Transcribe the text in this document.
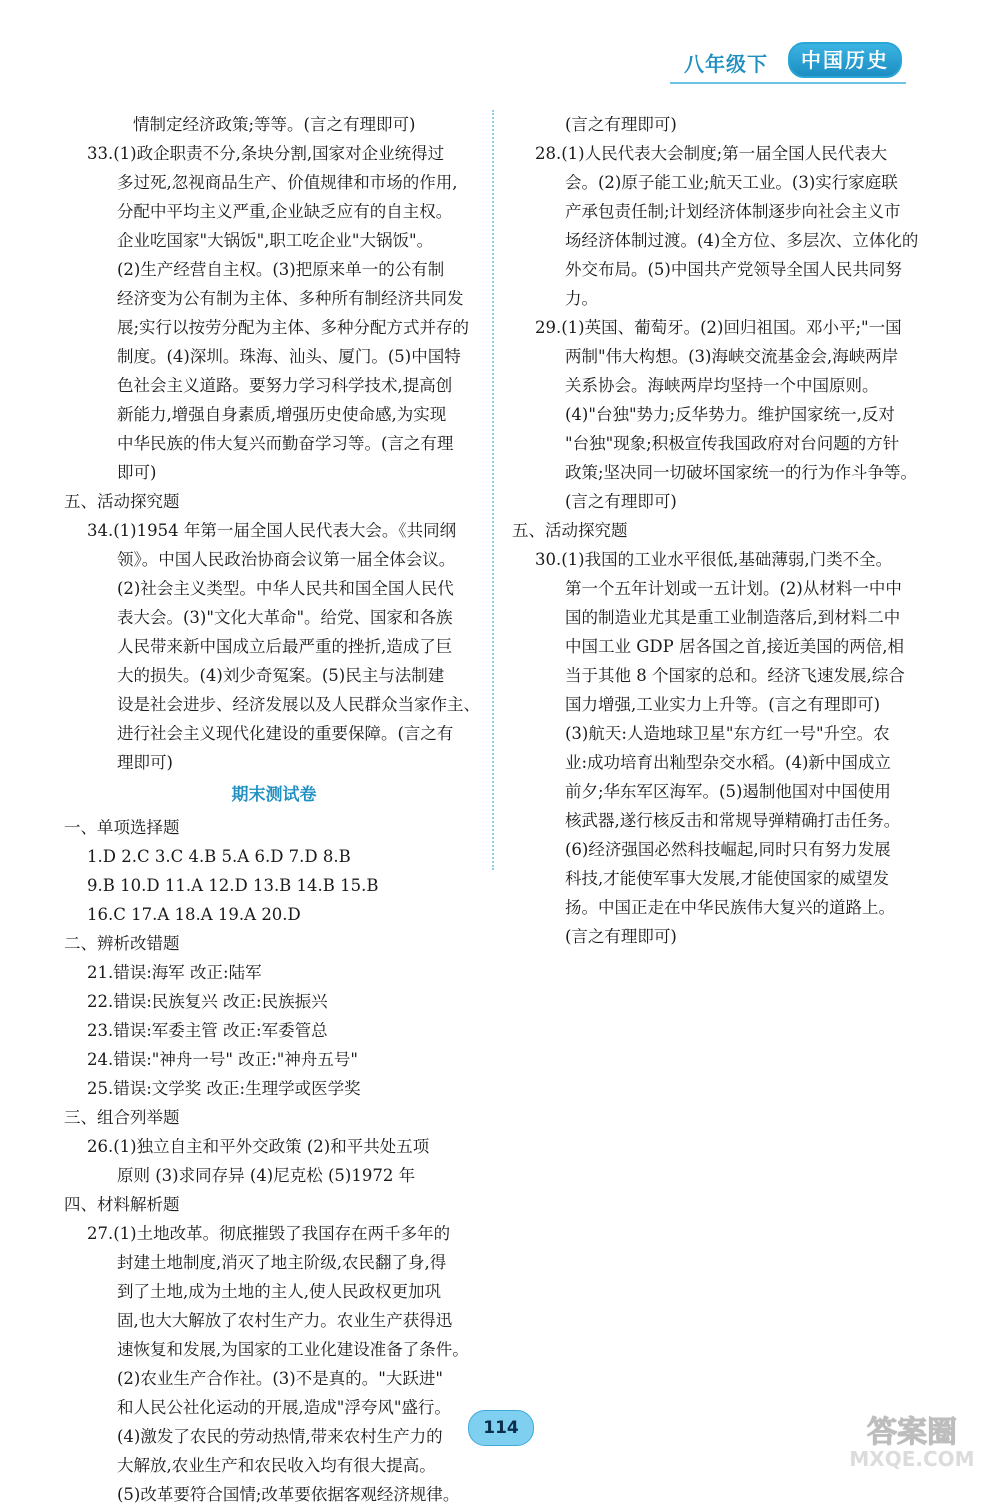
八年级下	中国历史
情制定经济政策;等等。(言之有理即可)
33.(1)政企职责不分,条块分割,国家对企业统得过
多过死,忽视商品生产、价值规律和市场的作用,
分配中平均主义严重,企业缺乏应有的自主权。
企业吃国家"大锅饭",职工吃企业"大锅饭"。
(2)生产经营自主权。(3)把原来单一的公有制
经济变为公有制为主体、多种所有制经济共同发
展;实行以按劳分配为主体、多种分配方式并存的
制度。(4)深圳。珠海、汕头、厦门。(5)中国特
色社会主义道路。要努力学习科学技术,提高创
新能力,增强自身素质,增强历史使命感,为实现
中华民族的伟大复兴而勤奋学习等。(言之有理
即可)
五、活动探究题
34.(1)1954 年第一届全国人民代表大会。《共同纲
领》。中国人民政治协商会议第一届全体会议。
(2)社会主义类型。中华人民共和国全国人民代
表大会。(3)"文化大革命"。给党、国家和各族
人民带来新中国成立后最严重的挫折,造成了巨
大的损失。(4)刘少奇冤案。(5)民主与法制建
设是社会进步、经济发展以及人民群众当家作主、
进行社会主义现代化建设的重要保障。(言之有
理即可)
期末测试卷
一、单项选择题
1.D 2.C 3.C 4.B 5.A 6.D 7.D 8.B
9.B 10.D 11.A 12.D 13.B 14.B 15.B
16.C 17.A 18.A 19.A 20.D
二、辨析改错题
21.错误:海军 改正:陆军
22.错误:民族复兴 改正:民族振兴
23.错误:军委主管 改正:军委管总
24.错误:"神舟一号" 改正:"神舟五号"
25.错误:文学奖 改正:生理学或医学奖
三、组合列举题
26.(1)独立自主和平外交政策 (2)和平共处五项
原则 (3)求同存异 (4)尼克松 (5)1972 年
四、材料解析题
27.(1)土地改革。彻底摧毁了我国存在两千多年的
封建土地制度,消灭了地主阶级,农民翻了身,得
到了土地,成为土地的主人,使人民政权更加巩
固,也大大解放了农村生产力。农业生产获得迅
速恢复和发展,为国家的工业化建设准备了条件。
(2)农业生产合作社。(3)不是真的。"大跃进"
和人民公社化运动的开展,造成"浮夸风"盛行。
(4)激发了农民的劳动热情,带来农村生产力的
大解放,农业生产和农民收入均有很大提高。
(5)改革要符合国情;改革要依据客观经济规律。
(言之有理即可)
28.(1)人民代表大会制度;第一届全国人民代表大
会。(2)原子能工业;航天工业。(3)实行家庭联
产承包责任制;计划经济体制逐步向社会主义市
场经济体制过渡。(4)全方位、多层次、立体化的
外交布局。(5)中国共产党领导全国人民共同努
力。
29.(1)英国、葡萄牙。(2)回归祖国。邓小平;"一国
两制"伟大构想。(3)海峡交流基金会,海峡两岸
关系协会。海峡两岸均坚持一个中国原则。
(4)"台独"势力;反华势力。维护国家统一,反对
"台独"现象;积极宣传我国政府对台问题的方针
政策;坚决同一切破坏国家统一的行为作斗争等。
(言之有理即可)
五、活动探究题
30.(1)我国的工业水平很低,基础薄弱,门类不全。
第一个五年计划或一五计划。(2)从材料一中中
国的制造业尤其是重工业制造落后,到材料二中
中国工业 GDP 居各国之首,接近美国的两倍,相
当于其他 8 个国家的总和。经济飞速发展,综合
国力增强,工业实力上升等。(言之有理即可)
(3)航天:人造地球卫星"东方红一号"升空。农
业:成功培育出籼型杂交水稻。(4)新中国成立
前夕;华东军区海军。(5)遏制他国对中国使用
核武器,遂行核反击和常规导弹精确打击任务。
(6)经济强国必然科技崛起,同时只有努力发展
科技,才能使军事大发展,才能使国家的威望发
扬。中国正走在中华民族伟大复兴的道路上。
(言之有理即可)
114	答案圈
MXQE.COM
